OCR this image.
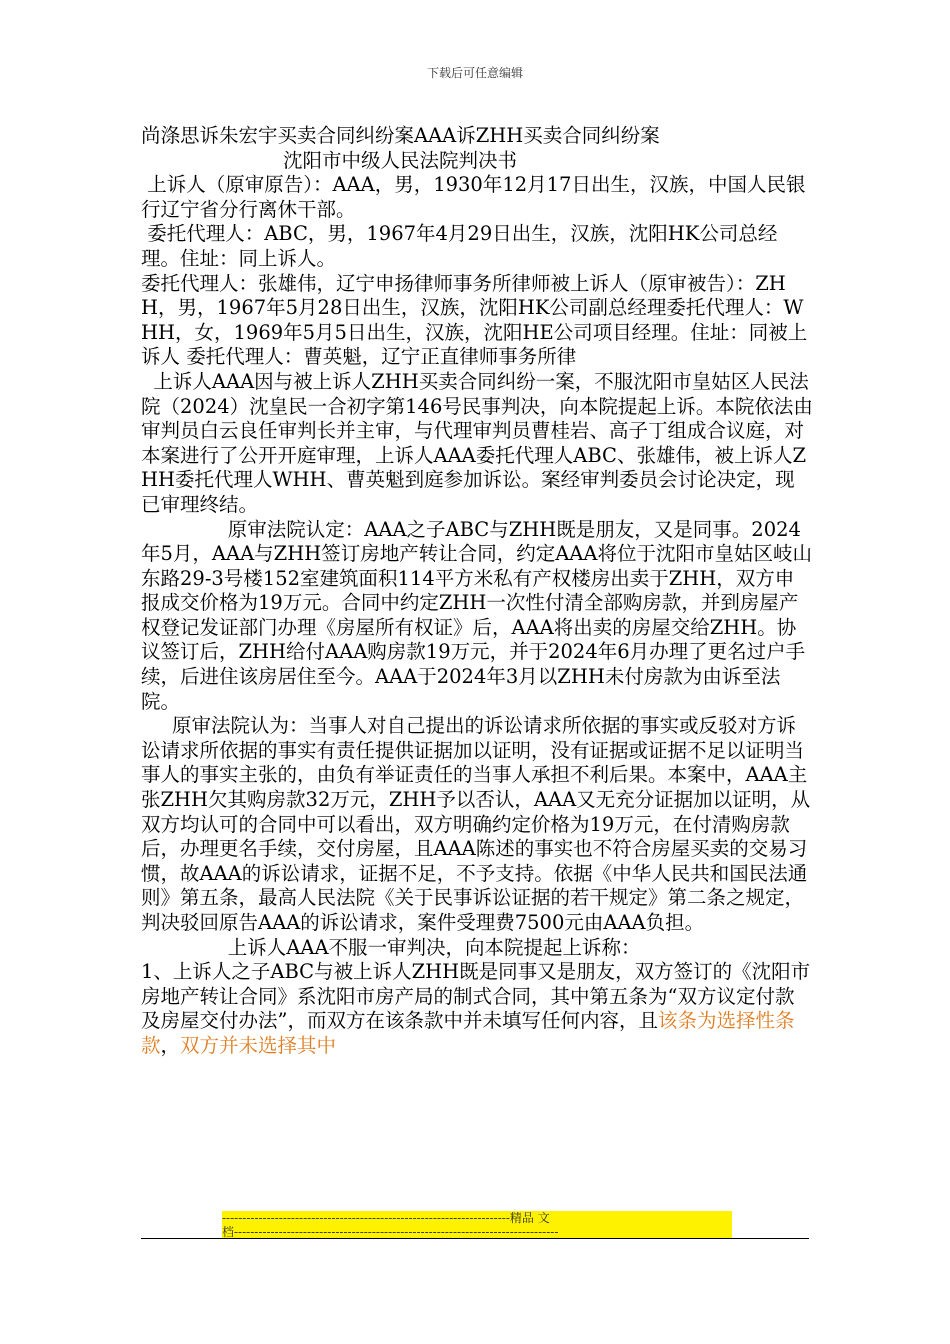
下载后可任意编辑

尚涤思诉朱宏宇买卖合同纠纷案AAA诉ZHH买卖合同纠纷案

沈阳市中级人民法院判决书

上诉人（原审原告）：AAA，男，1930年12月17日出生，汉族，中国人民银行辽宁省分行离休干部。

委托代理人：ABC，男，1967年4月29日出生，汉族，沈阳HK公司总经理。住址：同上诉人。

委托代理人：张雄伟，辽宁申扬律师事务所律师被上诉人（原审被告）：ZHH，男，1967年5月28日出生，汉族，沈阳HK公司副总经理委托代理人：WHH，女，1969年5月5日出生，汉族，沈阳HE公司项目经理。住址：同被上诉人 委托代理人：曹英魁，辽宁正直律师事务所律

上诉人AAA因与被上诉人ZHH买卖合同纠纷一案，不服沈阳市皇姑区人民法院（2024）沈皇民一合初字第146号民事判决，向本院提起上诉。本院依法由审判员白云良任审判长并主审，与代理审判员曹桂岩、高子丁组成合议庭，对本案进行了公开开庭审理，上诉人AAA委托代理人ABC、张雄伟，被上诉人ZHH委托代理人WHH、曹英魁到庭参加诉讼。案经审判委员会讨论决定，现已审理终结。

原审法院认定：AAA之子ABC与ZHH既是朋友，又是同事。2024年5月，AAA与ZHH签订房地产转让合同，约定AAA将位于沈阳市皇姑区岐山东路29-3号楼152室建筑面积114平方米私有产权楼房出卖于ZHH，双方申报成交价格为19万元。合同中约定ZHH一次性付清全部购房款，并到房屋产权登记发证部门办理《房屋所有权证》后，AAA将出卖的房屋交给ZHH。协议签订后，ZHH给付AAA购房款19万元，并于2024年6月办理了更名过户手续，后进住该房居住至今。AAA于2024年3月以ZHH未付房款为由诉至法院。

原审法院认为：当事人对自己提出的诉讼请求所依据的事实或反驳对方诉讼请求所依据的事实有责任提供证据加以证明，没有证据或证据不足以证明当事人的事实主张的，由负有举证责任的当事人承担不利后果。本案中，AAA主张ZHH欠其购房款32万元，ZHH予以否认，AAA又无充分证据加以证明，从双方均认可的合同中可以看出，双方明确约定价格为19万元，在付清购房款后，办理更名手续，交付房屋，且AAA陈述的事实也不符合房屋买卖的交易习惯，故AAA的诉讼请求，证据不足，不予支持。依据《中华人民共和国民法通则》第五条，最高人民法院《关于民事诉讼证据的若干规定》第二条之规定，判决驳回原告AAA的诉讼请求，案件受理费7500元由AAA负担。

上诉人AAA不服一审判决，向本院提起上诉称：

1、上诉人之子ABC与被上诉人ZHH既是同事又是朋友，双方签订的《沈阳市房地产转让合同》系沈阳市房产局的制式合同，其中第五条为“双方议定付款及房屋交付办法”，而双方在该条款中并未填写任何内容，且该条为选择性条款，双方并未选择其中

-----------------------------------------------------------------------精品 文
档--------------------------------------------------------------------------------
